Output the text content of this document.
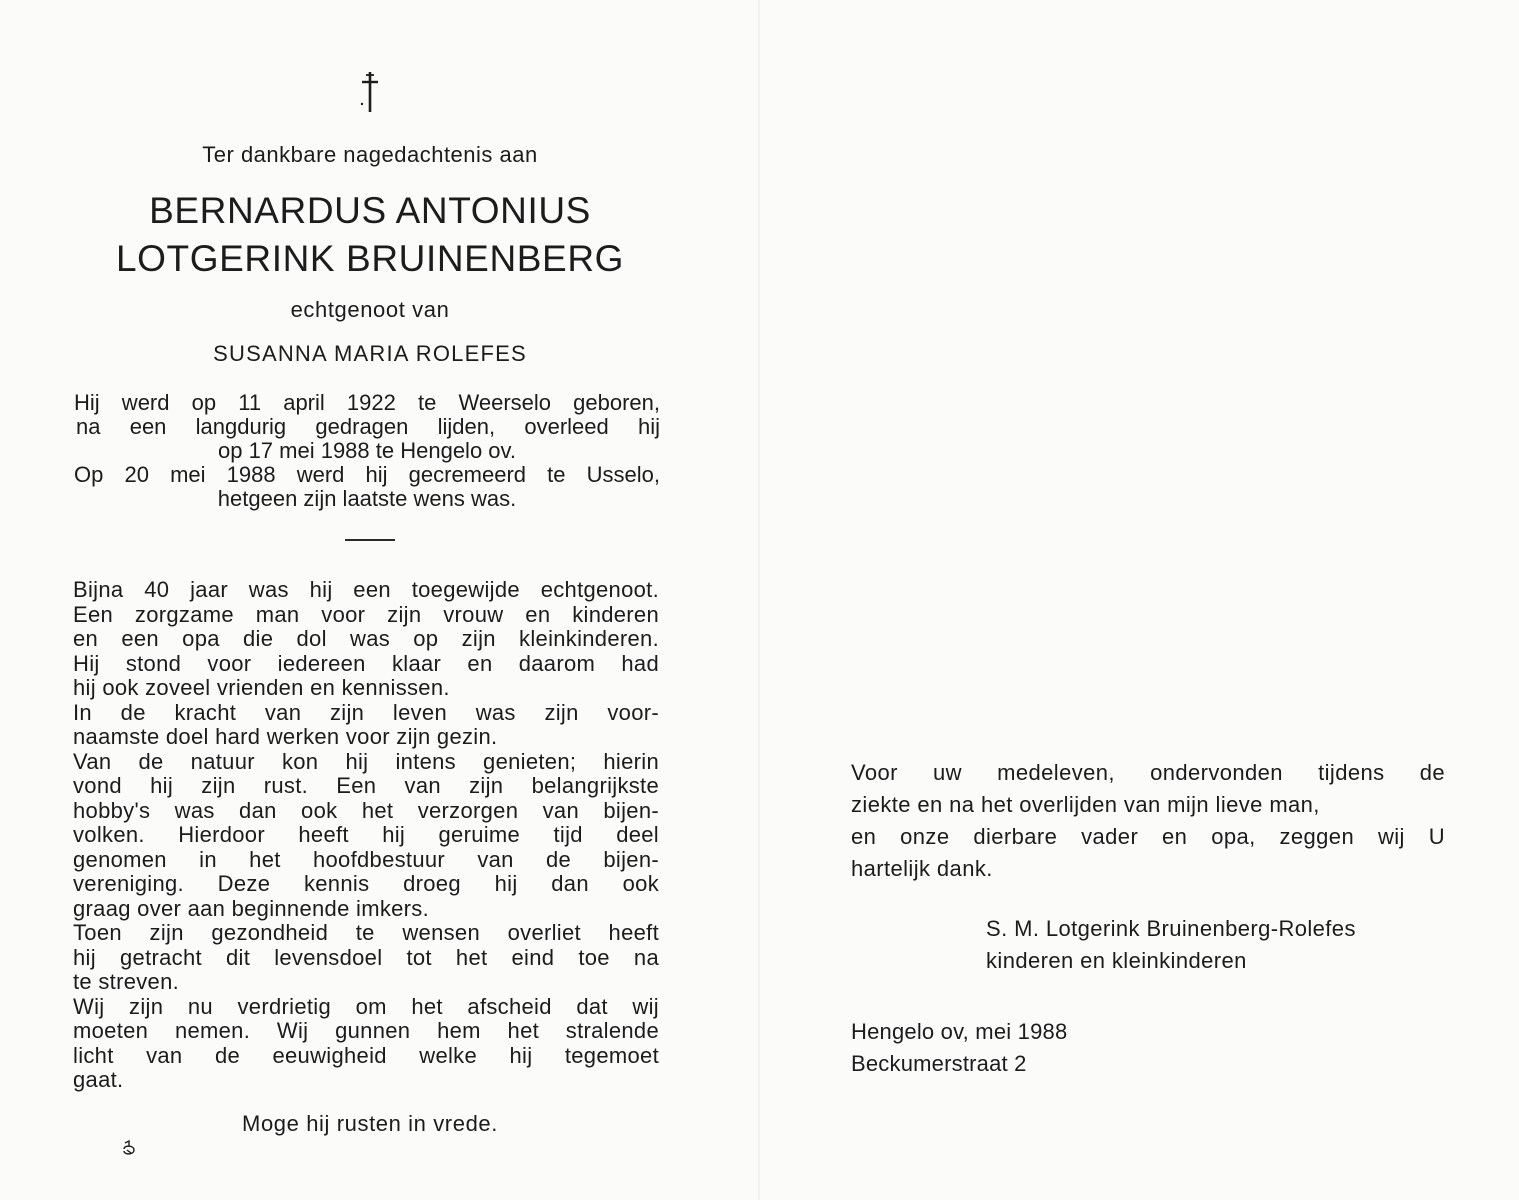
Ter dankbare nagedachtenis aan
BERNARDUS ANTONIUS
LOTGERINK BRUINENBERG
echtgenoot van
SUSANNA MARIA ROLEFES
Hij werd op 11 april 1922 te Weerselo geboren,
na een langdurig gedragen lijden, overleed hij
op 17 mei 1988 te Hengelo ov.
Op 20 mei 1988 werd hij gecremeerd te Usselo,
hetgeen zijn laatste wens was.
Bijna 40 jaar was hij een toegewijde echtgenoot.
Een zorgzame man voor zijn vrouw en kinderen
en een opa die dol was op zijn kleinkinderen.
Hij stond voor iedereen klaar en daarom had
hij ook zoveel vrienden en kennissen.
In de kracht van zijn leven was zijn voor-
naamste doel hard werken voor zijn gezin.
Van de natuur kon hij intens genieten; hierin
vond hij zijn rust. Een van zijn belangrijkste
hobby's was dan ook het verzorgen van bijen-
volken. Hierdoor heeft hij geruime tijd deel
genomen in het hoofdbestuur van de bijen-
vereniging. Deze kennis droeg hij dan ook
graag over aan beginnende imkers.
Toen zijn gezondheid te wensen overliet heeft
hij getracht dit levensdoel tot het eind toe na
te streven.
Wij zijn nu verdrietig om het afscheid dat wij
moeten nemen. Wij gunnen hem het stralende
licht van de eeuwigheid welke hij tegemoet
gaat.
Moge hij rusten in vrede.
Voor uw medeleven, ondervonden tijdens de
ziekte en na het overlijden van mijn lieve man,
en onze dierbare vader en opa, zeggen wij U
hartelijk dank.
S. M. Lotgerink Bruinenberg-Rolefes
kinderen en kleinkinderen
Hengelo ov, mei 1988
Beckumerstraat 2
